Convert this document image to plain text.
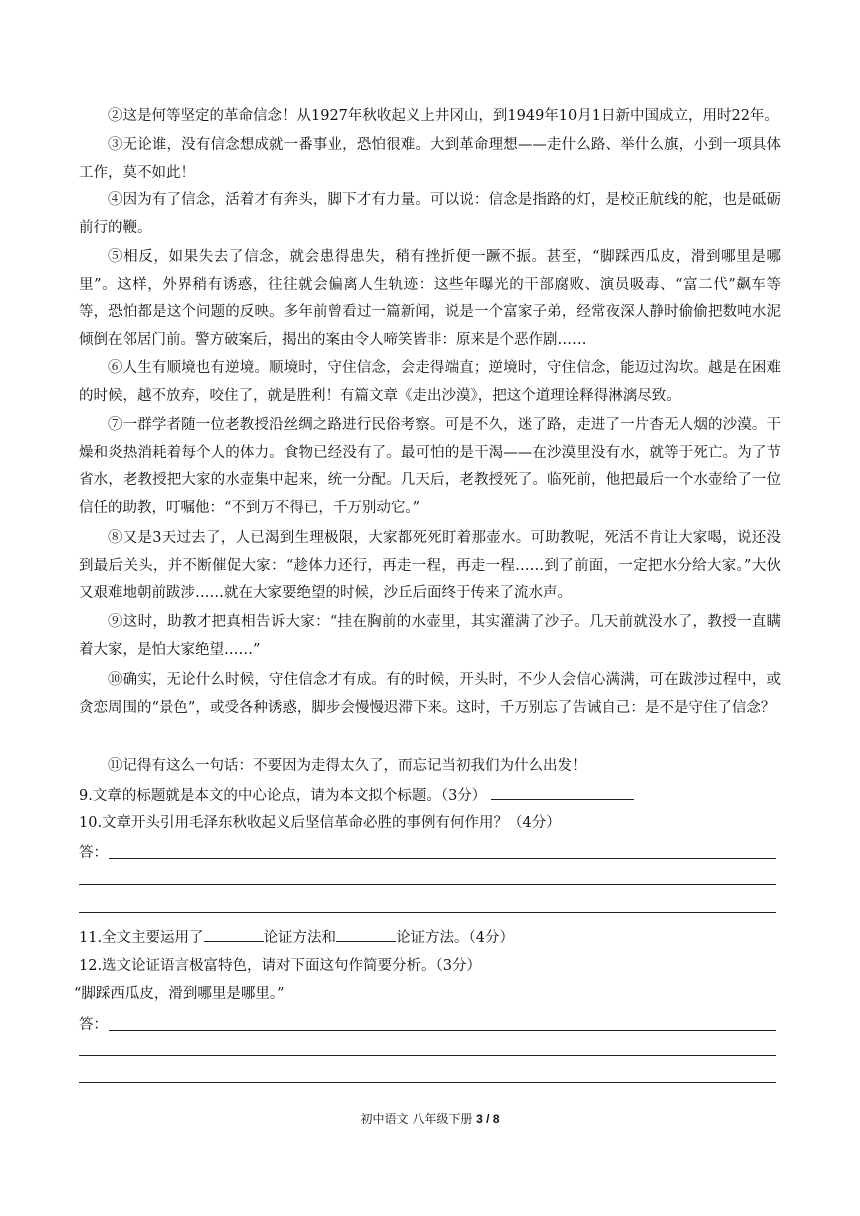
②这是何等坚定的革命信念！从1927年秋收起义上井冈山，到1949年10月1日新中国成立，用时22年。

③无论谁，没有信念想成就一番事业，恐怕很难。大到革命理想——走什么路、举什么旗，小到一项具体工作，莫不如此！

④因为有了信念，活着才有奔头，脚下才有力量。可以说：信念是指路的灯，是校正航线的舵，也是砥砺前行的鞭。

⑤相反，如果失去了信念，就会患得患失，稍有挫折便一蹶不振。甚至，“脚踩西瓜皮，滑到哪里是哪里”。这样，外界稍有诱惑，往往就会偏离人生轨迹：这些年曝光的干部腐败、演员吸毒、“富二代”飙车等等，恐怕都是这个问题的反映。多年前曾看过一篇新闻，说是一个富家子弟，经常夜深人静时偷偷把数吨水泥倾倒在邻居门前。警方破案后，揭出的案由令人啼笑皆非：原来是个恶作剧……

⑥人生有顺境也有逆境。顺境时，守住信念，会走得端直；逆境时，守住信念，能迈过沟坎。越是在困难的时候，越不放弃，咬住了，就是胜利！有篇文章《走出沙漠》，把这个道理诠释得淋漓尽致。

⑦一群学者随一位老教授沿丝绸之路进行民俗考察。可是不久，迷了路，走进了一片杳无人烟的沙漠。干燥和炎热消耗着每个人的体力。食物已经没有了。最可怕的是干渴——在沙漠里没有水，就等于死亡。为了节省水，老教授把大家的水壶集中起来，统一分配。几天后，老教授死了。临死前，他把最后一个水壶给了一位信任的助教，叮嘱他：“不到万不得已，千万别动它。”

⑧又是3天过去了，人已渴到生理极限，大家都死死盯着那壶水。可助教呢，死活不肯让大家喝，说还没到最后关头，并不断催促大家：“趁体力还行，再走一程，再走一程……到了前面，一定把水分给大家。”大伙又艰难地朝前跋涉……就在大家要绝望的时候，沙丘后面终于传来了流水声。

⑨这时，助教才把真相告诉大家：“挂在胸前的水壶里，其实灌满了沙子。几天前就没水了，教授一直瞒着大家，是怕大家绝望……”

⑩确实，无论什么时候，守住信念才有成。有的时候，开头时，不少人会信心满满，可在跋涉过程中，或贪恋周围的“景色”，或受各种诱惑，脚步会慢慢迟滞下来。这时，千万别忘了告诫自己：是不是守住了信念？

⑪记得有这么一句话：不要因为走得太久了，而忘记当初我们为什么出发！

9.文章的标题就是本文的中心论点，请为本文拟个标题。（3分）
10.文章开头引用毛泽东秋收起义后坚信革命必胜的事例有何作用？（4分）
答：
11.全文主要运用了	论证方法和	论证方法。（4分）
12.选文论证语言极富特色，请对下面这句作简要分析。（3分）
“脚踩西瓜皮，滑到哪里是哪里。”
答：
初中语文 八年级下册 3 / 8
